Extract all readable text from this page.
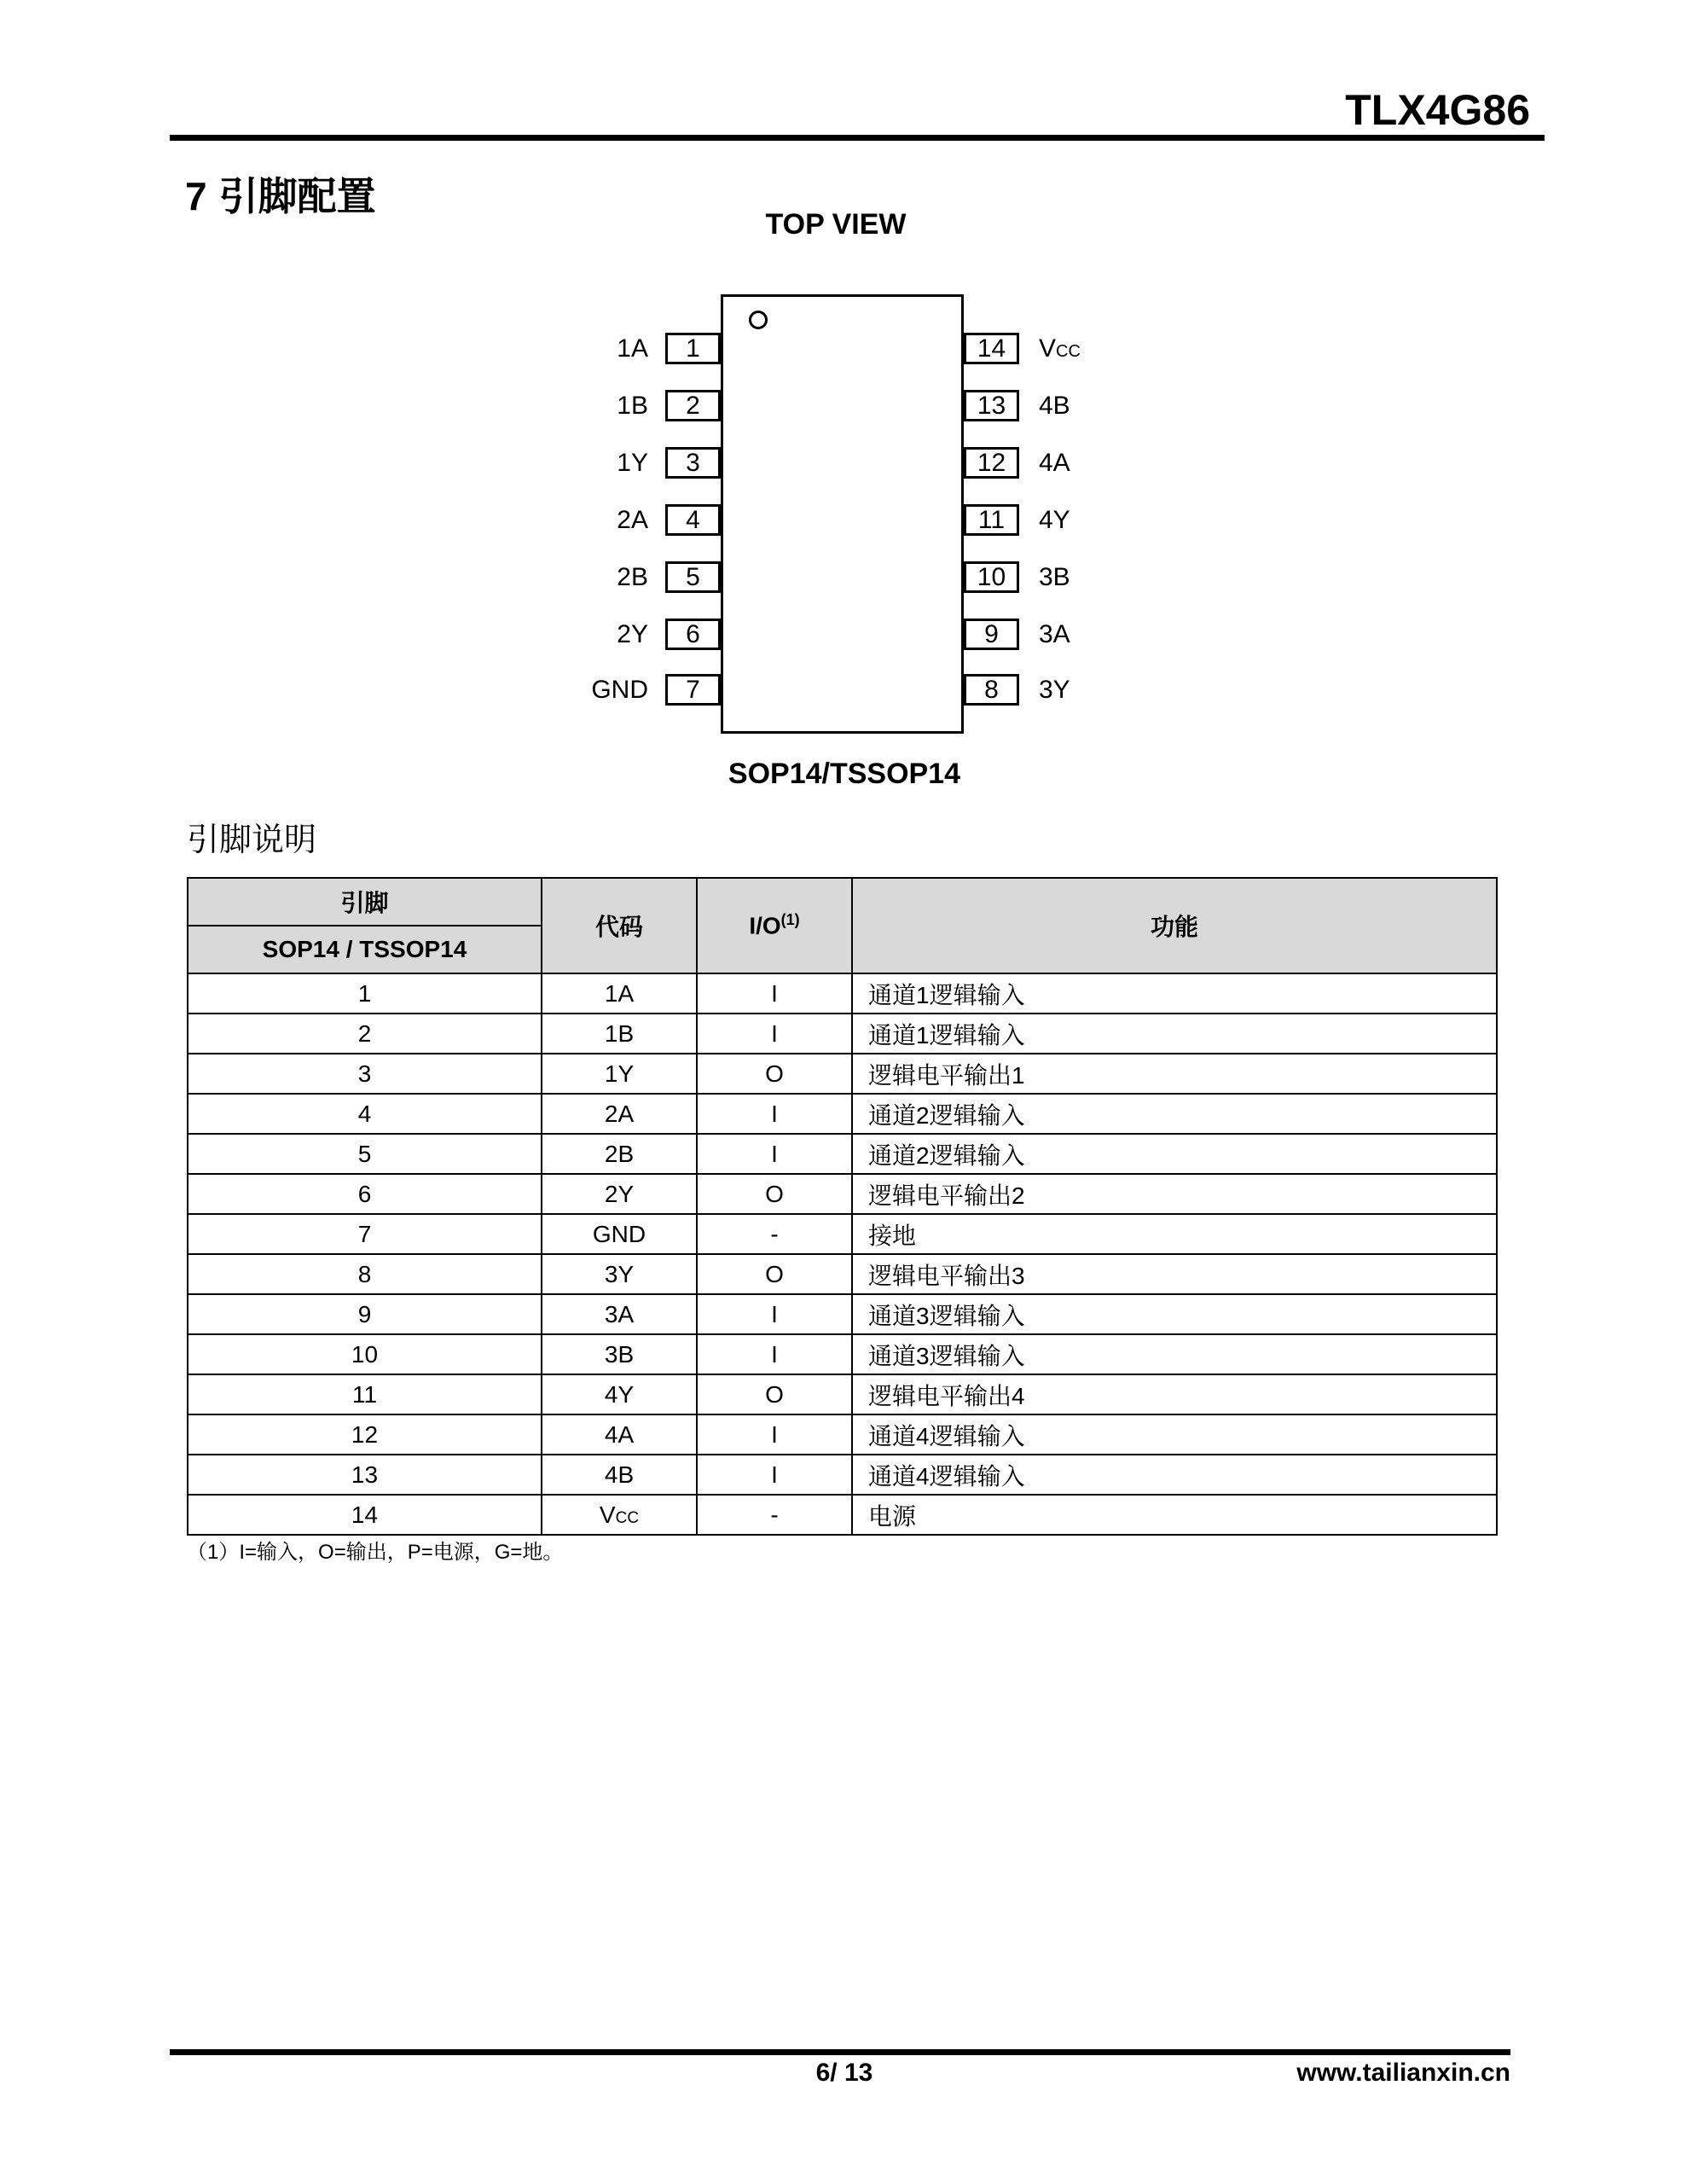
TLX4G86
7 引脚配置
TOP VIEW
1
1A
2
1B
3
1Y
4
2A
5
2B
6
2Y
7
GND
14	VCC
13	4B
12	4A
11	4Y
10	3B
9	3A
8	3Y
SOP14/TSSOP14
引脚说明
引脚	代码	$I/O^{(1)}$	功能
SOP14 / TSSOP14			
1	1A	I	通道1逻辑输入
2	1B	I	通道1逻辑输入
3	1Y	O	逻辑电平输出1
4	2A	I	通道2逻辑输入
5	2B	I	通道2逻辑输入
6	2Y	O	逻辑电平输出2
7	GND	-	接地
8	3Y	O	逻辑电平输出3
9	3A	I	通道3逻辑输入
10	3B	I	通道3逻辑输入
11	4Y	O	逻辑电平输出4
12	4A	I	通道4逻辑输入
13	4B	I	通道4逻辑输入
14	VCC	-	电源
（1）I=输入，O=输出，P=电源，G=地。
6/ 13	www.tailianxin.cn
